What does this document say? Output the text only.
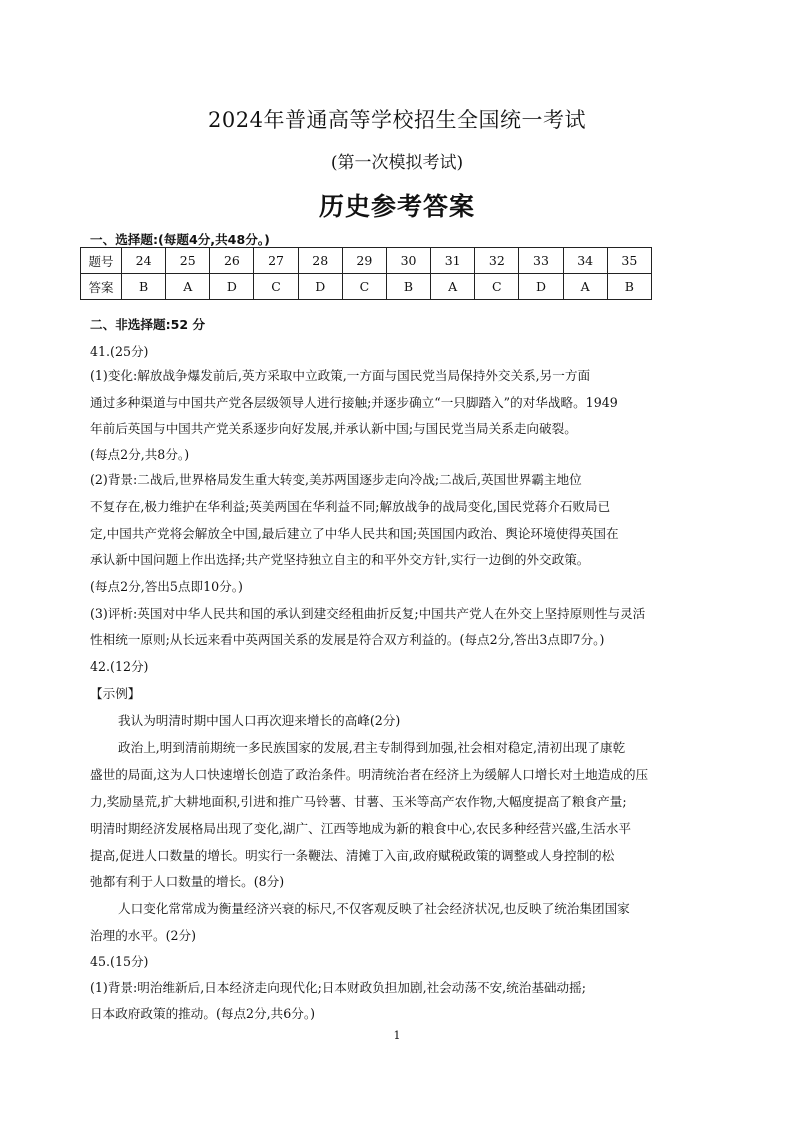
2024年普通高等学校招生全国统一考试
(第一次模拟考试)
历史参考答案
一、选择题:(每题4分,共48分。)
题号	24	25	26	27	28	29	30	31	32	33	34	35
答案	B	A	D	C	D	C	B	A	C	D	A	B
二、非选择题:52 分
41.(25分)
(1)变化:解放战争爆发前后,英方采取中立政策,一方面与国民党当局保持外交关系,另一方面
通过多种渠道与中国共产党各层级领导人进行接触;并逐步确立“一只脚踏入”的对华战略。1949
年前后英国与中国共产党关系逐步向好发展,并承认新中国;与国民党当局关系走向破裂。
(每点2分,共8分。)
(2)背景:二战后,世界格局发生重大转变,美苏两国逐步走向冷战;二战后,英国世界霸主地位
不复存在,极力维护在华利益;英美两国在华利益不同;解放战争的战局变化,国民党蒋介石败局已
定,中国共产党将会解放全中国,最后建立了中华人民共和国;英国国内政治、舆论环境使得英国在
承认新中国问题上作出选择;共产党坚持独立自主的和平外交方针,实行一边倒的外交政策。
(每点2分,答出5点即10分。)
(3)评析:英国对中华人民共和国的承认到建交经租曲折反复;中国共产党人在外交上坚持原则性与灵活
性相统一原则;从长远来看中英两国关系的发展是符合双方利益的。(每点2分,答出3点即7分。)
42.(12分)
【示例】
我认为明清时期中国人口再次迎来增长的高峰(2分)
政治上,明到清前期统一多民族国家的发展,君主专制得到加强,社会相对稳定,清初出现了康乾
盛世的局面,这为人口快速增长创造了政治条件。明清统治者在经济上为缓解人口增长对土地造成的压
力,奖励垦荒,扩大耕地面积,引进和推广马铃薯、甘薯、玉米等高产农作物,大幅度提高了粮食产量;
明清时期经济发展格局出现了变化,湖广、江西等地成为新的粮食中心,农民多种经营兴盛,生活水平
提高,促进人口数量的增长。明实行一条鞭法、清摊丁入亩,政府赋税政策的调整或人身控制的松
弛都有利于人口数量的增长。(8分)
人口变化常常成为衡量经济兴衰的标尺,不仅客观反映了社会经济状况,也反映了统治集团国家
治理的水平。(2分)
45.(15分)
(1)背景:明治维新后,日本经济走向现代化;日本财政负担加剧,社会动荡不安,统治基础动摇;
日本政府政策的推动。(每点2分,共6分。)
1
